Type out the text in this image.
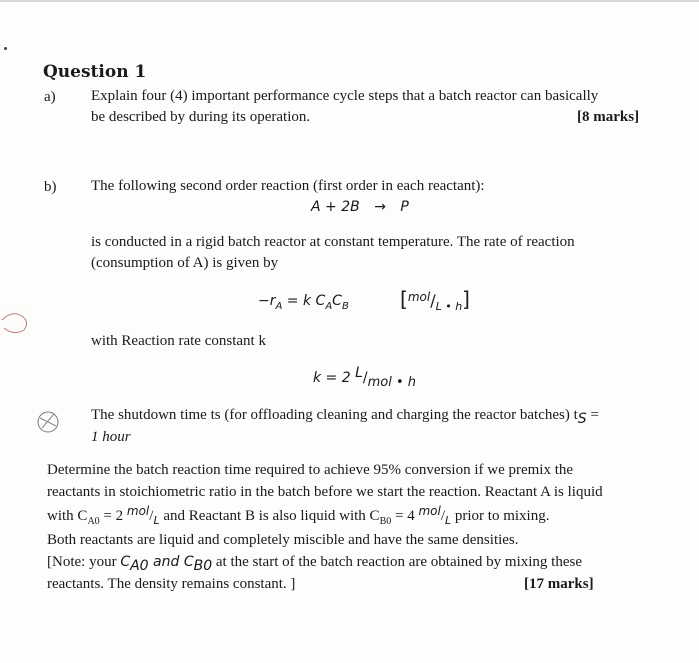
Question 1
a) Explain four (4) important performance cycle steps that a batch reactor can basically
be described by during its operation.	[8 marks]
b) The following second order reaction (first order in each reactant):
A + 2B → P
is conducted in a rigid batch reactor at constant temperature. The rate of reaction
(consumption of A) is given by
$-r_A = k$ $C_AC_B$	$[^{mol}/_{L • h}]$
with Reaction rate constant k
k = 2 L/mol • h
The shutdown time ts (for offloading cleaning and charging the reactor batches) $t_S$ =
1 hour
Determine the batch reaction time required to achieve 95% conversion if we premix the
reactants in stoichiometric ratio in the batch before we start the reaction. Reactant A is liquid
with $C_{A0} = 2$ $^{mol}/_L$ and Reactant B is also liquid with $C_{B0} = 4$ $^{mol}/_L$ prior to mixing.
Both reactants are liquid and completely miscible and have the same densities.
[Note: your $C_{A0}$ and $C_{B0}$ at the start of the batch reaction are obtained by mixing these
reactants. The density remains constant. ]	[17 marks]
